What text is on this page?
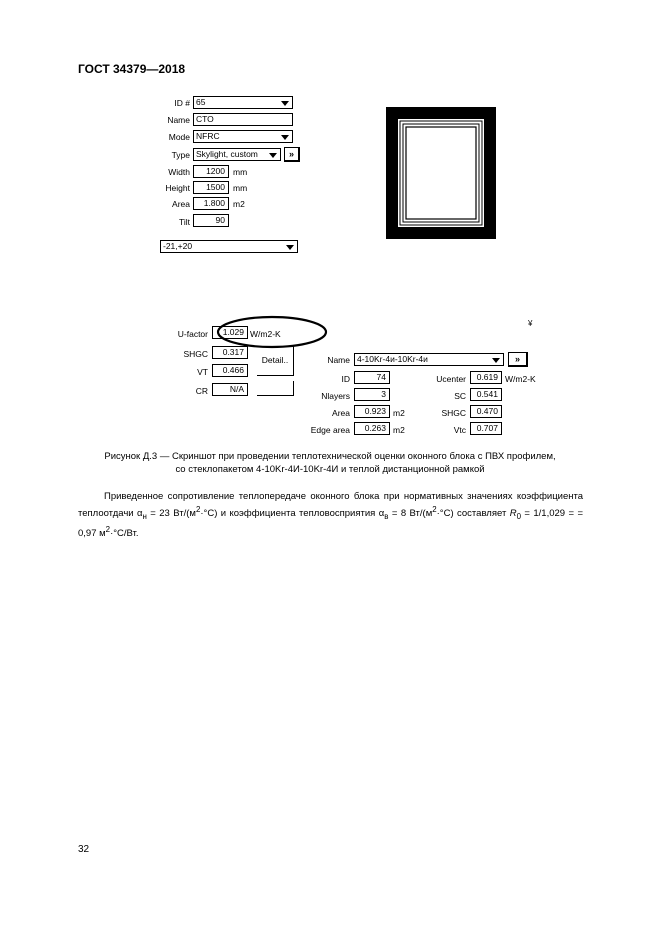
ГОСТ 34379—2018
ID # 65
Name CTO
Mode NFRC
Type Skylight, custom	»
Width	1200 mm
Height	1500 mm
Area	1.800 m2
Tilt	90
-21,+20
¥
U-factor	1.029 W/m2-K
SHGC	0.317
VT	0.466
CR	N/A
Detail..	Name 4-10Kr-4и-10Kr-4и	»
ID	74
Nlayers	3
Area	0.923 m2
Edge area	0.263 m2
Ucenter	0.619 W/m2-K
SC	0.541
SHGC	0.470
Vtc	0.707
Рисунок Д.3 — Скриншот при проведении теплотехнической оценки оконного блока с ПВХ профилем,
со стеклопакетом 4-10Kr-4И-10Kr-4И и теплой дистанционной рамкой
Приведенное сопротивление теплопередаче оконного блока при нормативных значениях коэффициента теплоотдачи $\alpha_н = 23$ $Вт/(м^2\cdot^\circ С)$ и коэффициента тепловосприятия $\alpha_в = 8$ $Вт/(м^2\cdot^\circ С)$ составляет $R_0 = 1/1,029$ = = 0,97 $м^2\cdot^\circ С/Вт$.
32
